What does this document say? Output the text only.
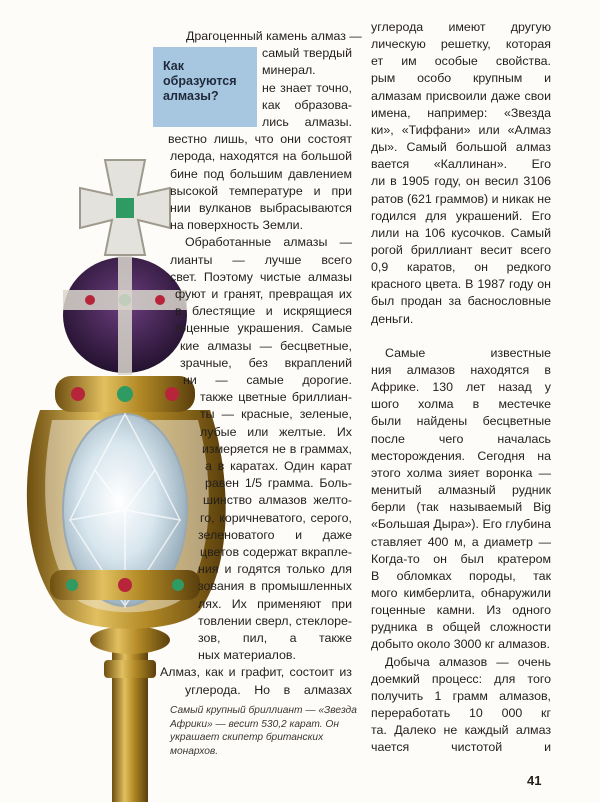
Как
образуются
алмазы?
Драгоценный камень алмаз —
самый твердый
минерал.
не знает точно,
как образова-
лись алмазы.
вестно лишь, что они состоят
лерода, находятся на большой
бине под большим давлением
высокой температуре и при
нии вулканов выбрасываются
на поверхность Земли.
Обработанные алмазы —
лианты — лучше всего
свет. Поэтому чистые алмазы
фуют и гранят, превращая их
в блестящие и искрящиеся
гоценные украшения. Самые
кие алмазы — бесцветные,
зрачные, без вкраплений
ни — самые дорогие.
также цветные бриллиан-
ты — красные, зеленые,
лубые или желтые. Их
измеряется не в граммах,
а в каратах. Один карат
равен 1/5 грамма. Боль-
шинство алмазов желто-
го, коричневатого, серого,
зеленоватого и даже
цветов содержат вкрапле-
ния и годятся только для
зования в промышленных
лях. Их применяют при
товлении сверл, стеклоре-
зов, пил, а также
ных материалов.
Алмаз, как и графит, состоит из
углерода. Но в алмазах
углерода имеют другую
лическую решетку, которая
ет им особые свойства.
рым особо крупным и
алмазам присвоили даже свои
имена, например: «Звезда
ки», «Тиффани» или «Алмаз
ды». Самый большой алмаз
вается «Каллинан». Его
ли в 1905 году, он весил 3106
ратов (621 граммов) и никак не
годился для украшений. Его
лили на 106 кусочков. Самый
рогой бриллиант весит всего
0,9 каратов, он редкого
красного цвета. В 1987 году он
был продан за баснословные
деньги.
Самые известные
ния алмазов находятся в
Африке. 130 лет назад у
шого холма в местечке
были найдены бесцветные
после чего началась
месторождения. Сегодня на
этого холма зияет воронка —
менитый алмазный рудник
берли (так называемый Big
«Большая Дыра»). Его глубина
ставляет 400 м, а диаметр —
Когда-то он был кратером
В обломках породы, так
мого кимберлита, обнаружили
гоценные камни. Из одного
рудника в общей сложности
добыто около 3000 кг алмазов.
Добыча алмазов — очень
доемкий процесс: для того
получить 1 грамм алмазов,
переработать 10 000 кг
та. Далеко не каждый алмаз
чается чистотой и
Самый крупный бриллиант — «Звезда Африки» — весит 530,2 карат. Он украшает скипетр британских монархов.
41
